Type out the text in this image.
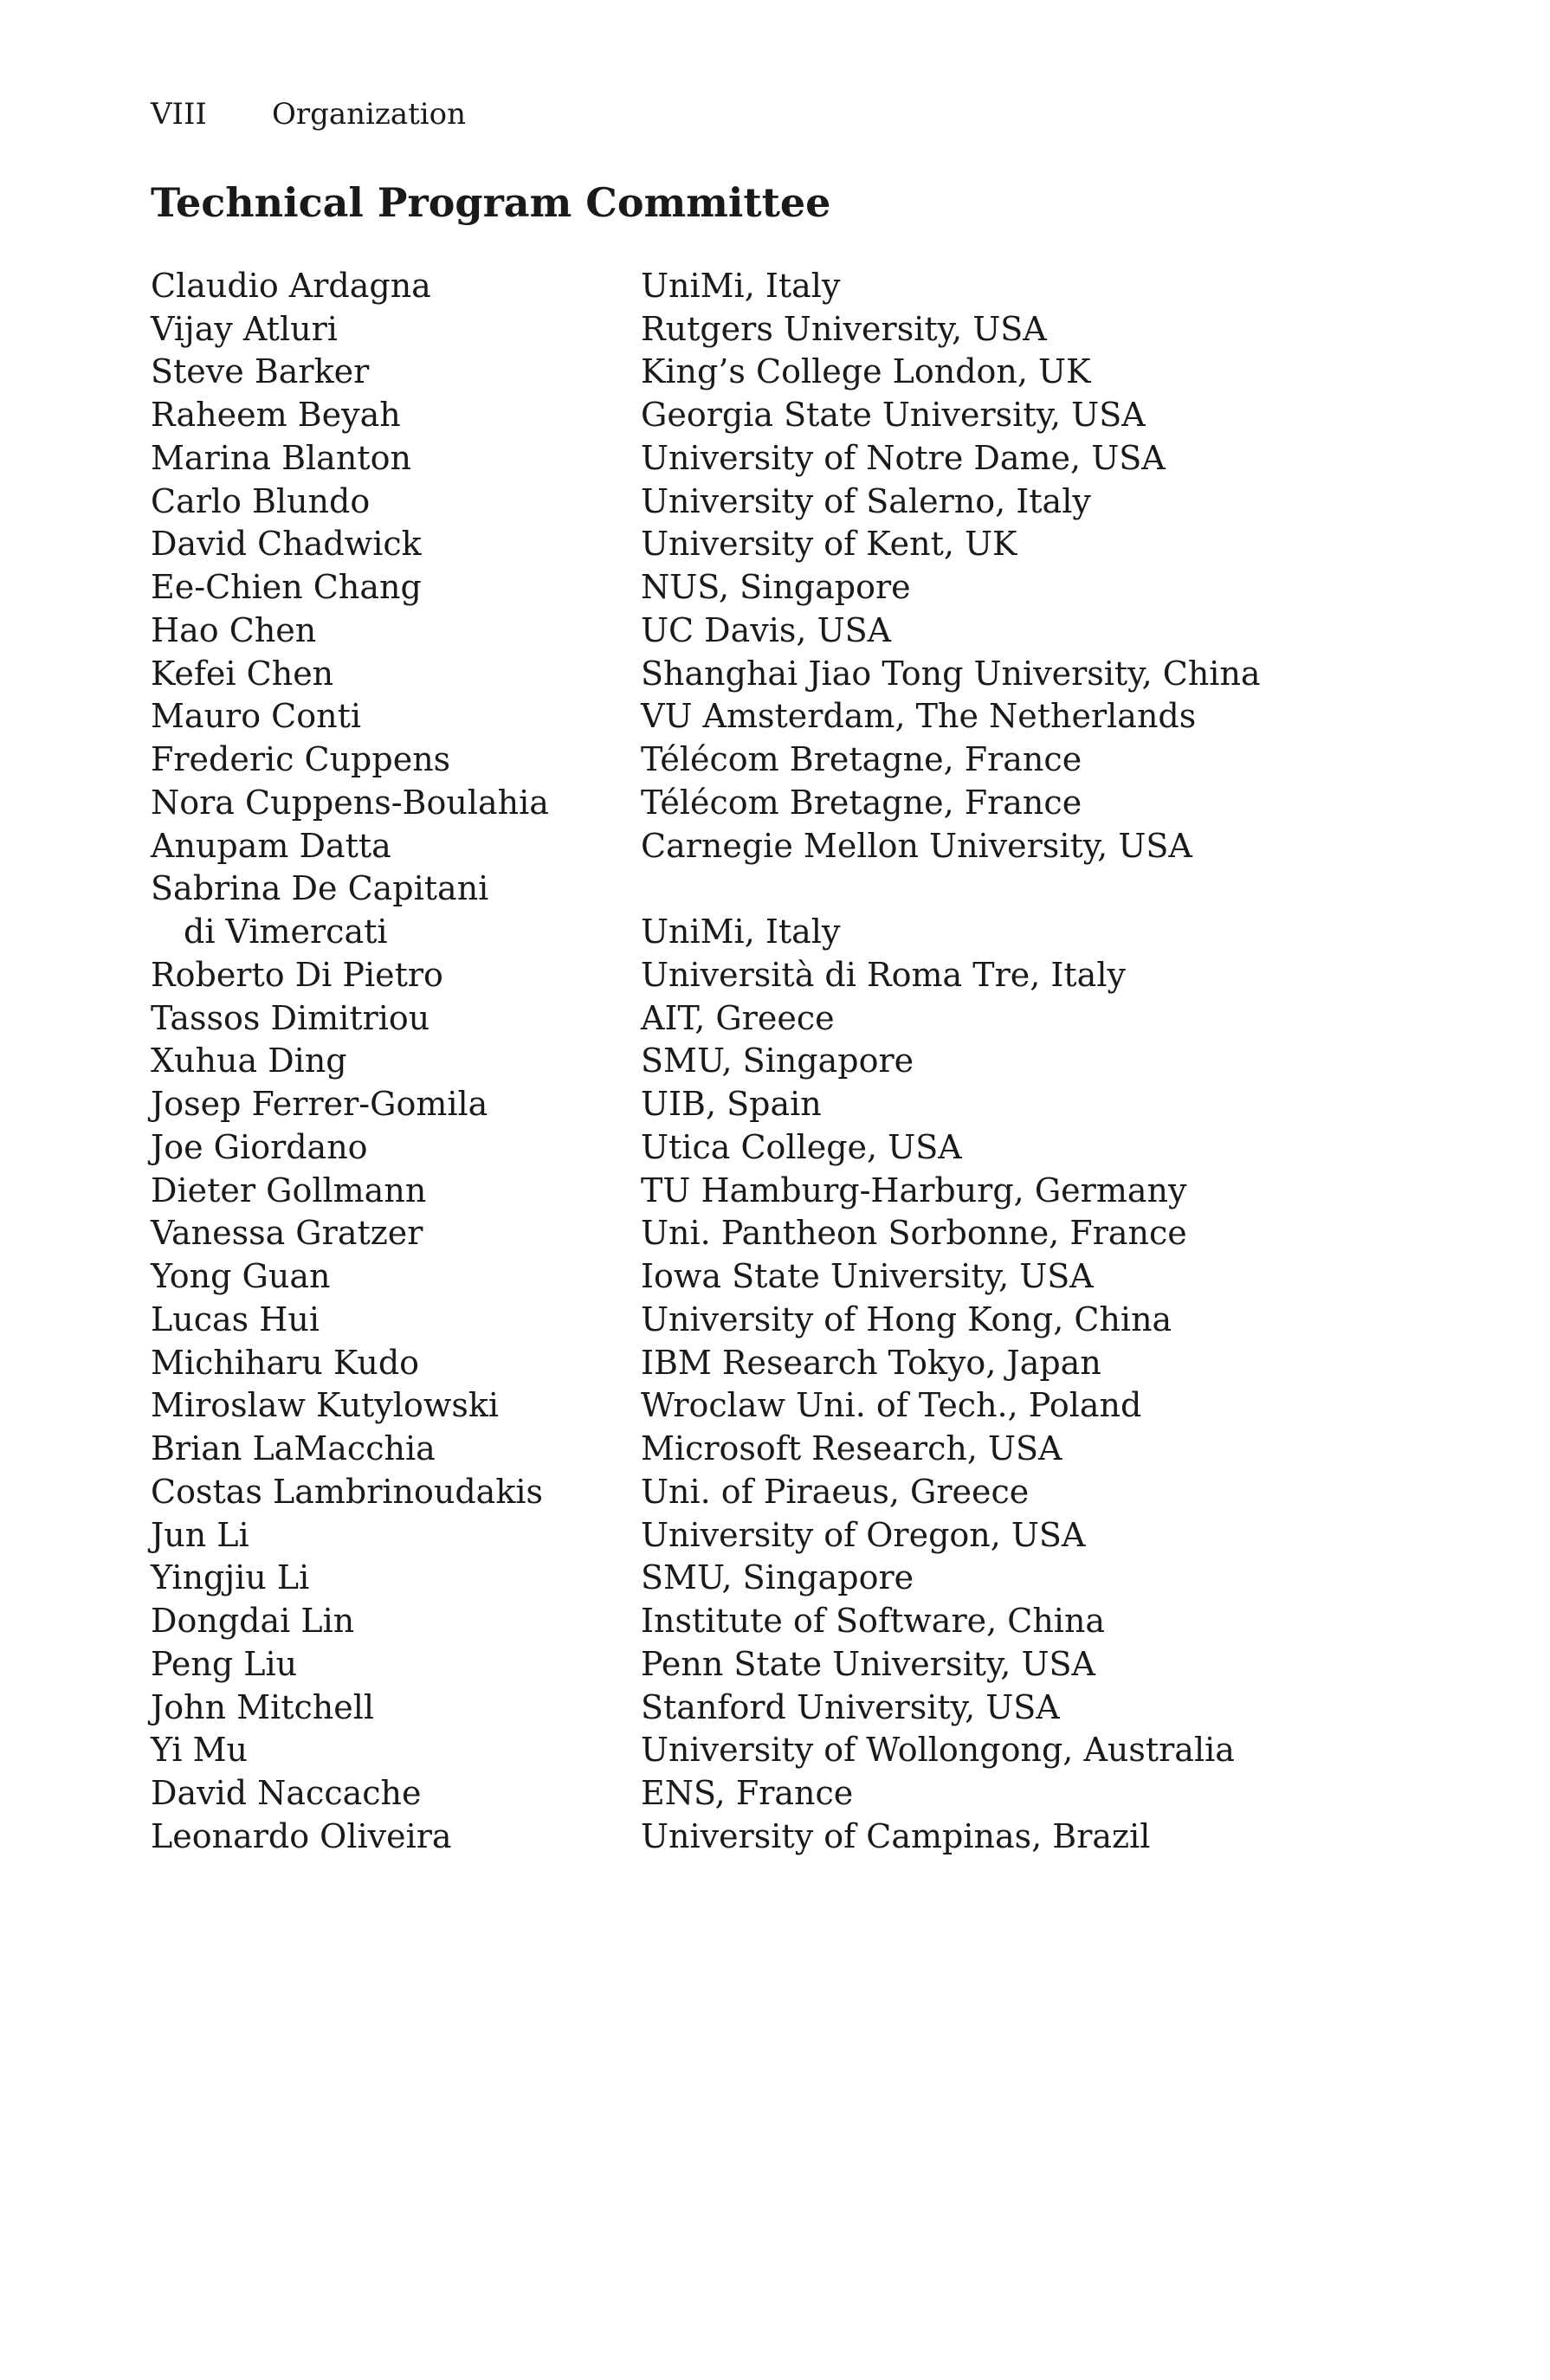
VIII Organization
Technical Program Committee
Claudio Ardagna	UniMi, Italy
Vijay Atluri	Rutgers University, USA
Steve Barker	King’s College London, UK
Raheem Beyah	Georgia State University, USA
Marina Blanton	University of Notre Dame, USA
Carlo Blundo	University of Salerno, Italy
David Chadwick	University of Kent, UK
Ee-Chien Chang	NUS, Singapore
Hao Chen	UC Davis, USA
Kefei Chen	Shanghai Jiao Tong University, China
Mauro Conti	VU Amsterdam, The Netherlands
Frederic Cuppens	Télécom Bretagne, France
Nora Cuppens-Boulahia	Télécom Bretagne, France
Anupam Datta	Carnegie Mellon University, USA
Sabrina De Capitani
di Vimercati	UniMi, Italy
Roberto Di Pietro	Università di Roma Tre, Italy
Tassos Dimitriou	AIT, Greece
Xuhua Ding	SMU, Singapore
Josep Ferrer-Gomila	UIB, Spain
Joe Giordano	Utica College, USA
Dieter Gollmann	TU Hamburg-Harburg, Germany
Vanessa Gratzer	Uni. Pantheon Sorbonne, France
Yong Guan	Iowa State University, USA
Lucas Hui	University of Hong Kong, China
Michiharu Kudo	IBM Research Tokyo, Japan
Miroslaw Kutylowski	Wroclaw Uni. of Tech., Poland
Brian LaMacchia	Microsoft Research, USA
Costas Lambrinoudakis	Uni. of Piraeus, Greece
Jun Li	University of Oregon, USA
Yingjiu Li	SMU, Singapore
Dongdai Lin	Institute of Software, China
Peng Liu	Penn State University, USA
John Mitchell	Stanford University, USA
Yi Mu	University of Wollongong, Australia
David Naccache	ENS, France
Leonardo Oliveira	University of Campinas, Brazil
